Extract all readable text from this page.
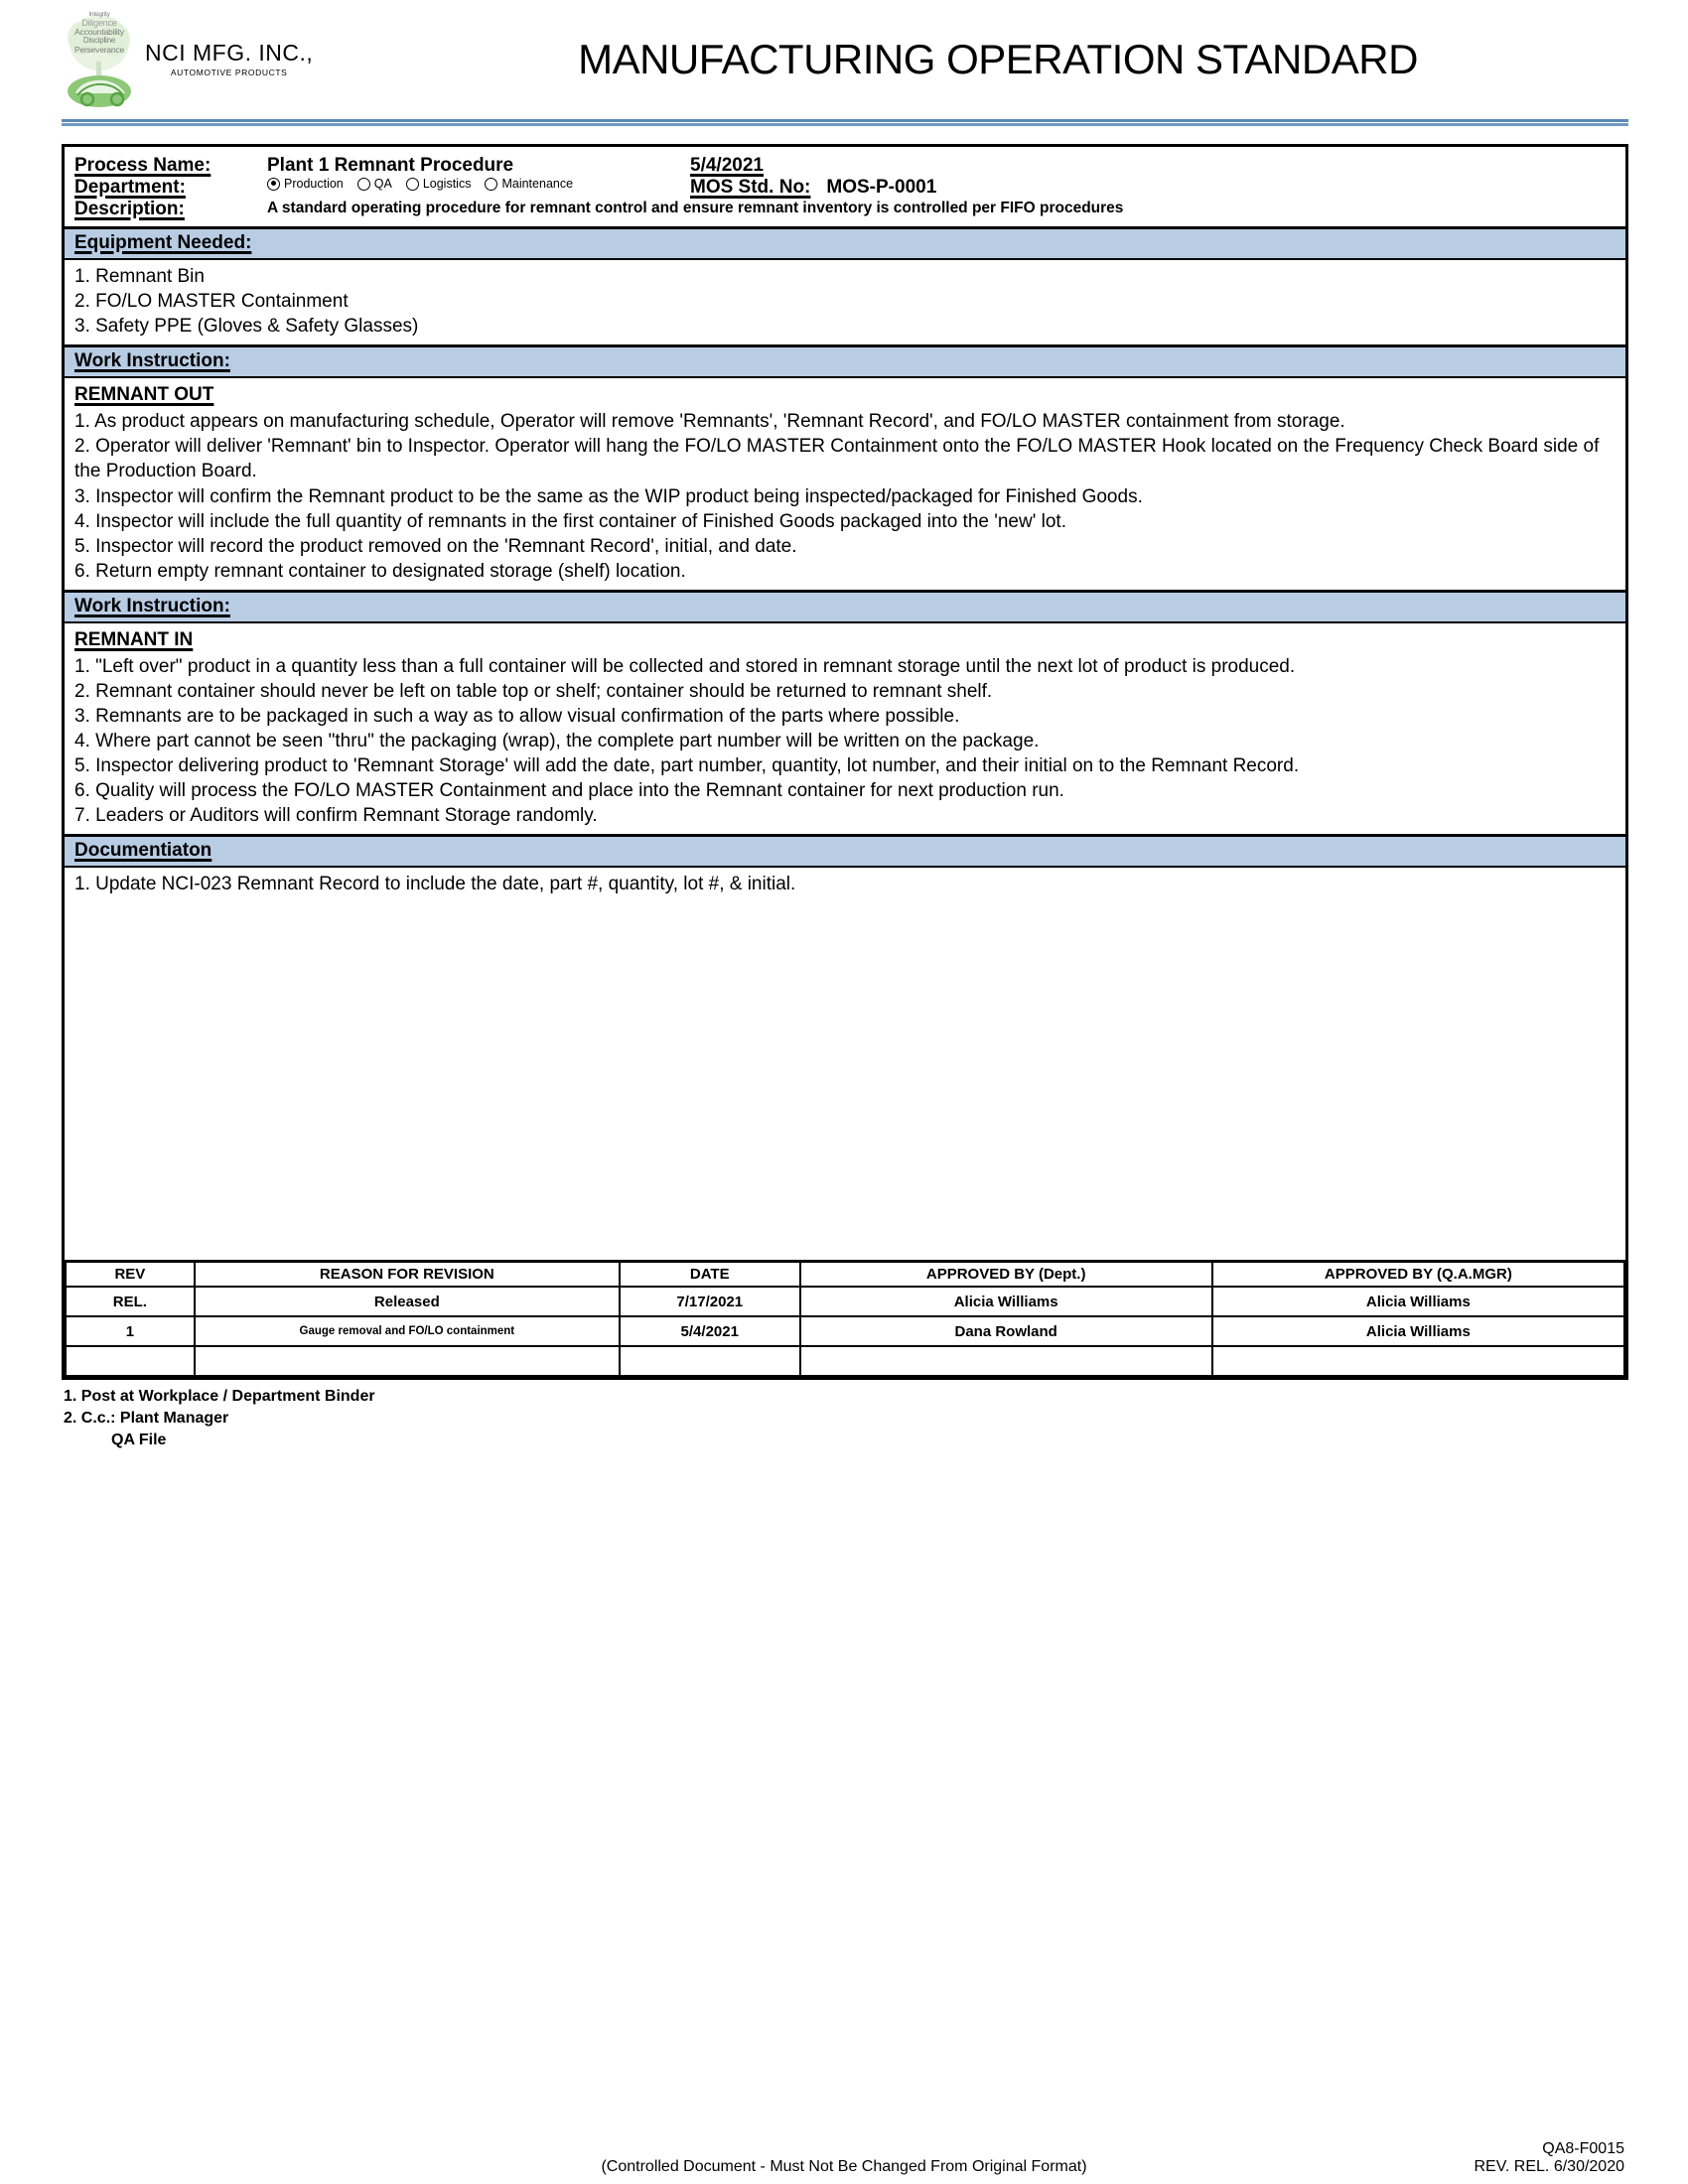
Integrity
Diligence
Accountability
Discipline
Perseverance NCI MFG. INC.,
AUTOMOTIVE PRODUCTS	MANUFACTURING OPERATION STANDARD
Process Name:	Plant 1 Remnant Procedure	5/4/2021
Department:	Production QA Logistics Maintenance	MOS Std. No: MOS-P-0001
Description:	A standard operating procedure for remnant control and ensure remnant inventory is controlled per FIFO procedures
Equipment Needed:

1. Remnant Bin

2. FO/LO MASTER Containment

3. Safety PPE (Gloves & Safety Glasses)

Work Instruction:
REMNANT OUT

1. As product appears on manufacturing schedule, Operator will remove 'Remnants', 'Remnant Record', and FO/LO MASTER containment from storage.

2. Operator will deliver 'Remnant' bin to Inspector. Operator will hang the FO/LO MASTER Containment onto the FO/LO MASTER Hook located on the Frequency Check Board side of the Production Board.

3. Inspector will confirm the Remnant product to be the same as the WIP product being inspected/packaged for Finished Goods.

4. Inspector will include the full quantity of remnants in the first container of Finished Goods packaged into the 'new' lot.

5. Inspector will record the product removed on the 'Remnant Record', initial, and date.

6. Return empty remnant container to designated storage (shelf) location.

Work Instruction:
REMNANT IN

1. "Left over" product in a quantity less than a full container will be collected and stored in remnant storage until the next lot of product is produced.

2. Remnant container should never be left on table top or shelf; container should be returned to remnant shelf.

3. Remnants are to be packaged in such a way as to allow visual confirmation of the parts where possible.

4. Where part cannot be seen "thru" the packaging (wrap), the complete part number will be written on the package.

5. Inspector delivering product to 'Remnant Storage' will add the date, part number, quantity, lot number, and their initial on to the Remnant Record.

6. Quality will process the FO/LO MASTER Containment and place into the Remnant container for next production run.

7. Leaders or Auditors will confirm Remnant Storage randomly.

Documentiaton

1. Update NCI-023 Remnant Record to include the date, part #, quantity, lot #, & initial.

REV	REASON FOR REVISION	DATE	APPROVED BY (Dept.)	APPROVED BY (Q.A.MGR)
REL.	Released	7/17/2021	Alicia Williams	Alicia Williams
1	Gauge removal and FO/LO containment	5/4/2021	Dana Rowland	Alicia Williams

1. Post at Workplace / Department Binder
2. C.c.: Plant Manager
QA File
QA8-F0015
(Controlled Document - Must Not Be Changed From Original Format)	REV. REL. 6/30/2020
